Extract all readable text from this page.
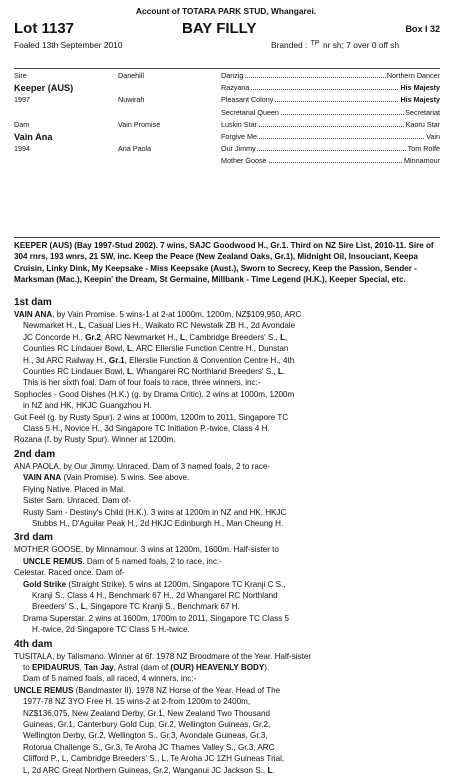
Account of TOTARA PARK STUD, Whangarei.
Lot 1137	BAY FILLY	Box I 32
Foaled 13th September 2010	Branded : TP nr sh; 7 over 0 off sh
Sire	Danehill	Danzig	Northern Dancer
Keeper (AUS)	Razyana	His Majesty
1997	Nuwirah	Pleasant Colony	His Majesty
Secretarial Queen	Secretariat
Dam	Vain Promise	Luskin Star	Kaoru Star
Vain Ana	Forgive Me	Vain
1994	Ana Paola	Our Jimmy	Tom Rolfe
Mother Goose	Minnamour
KEEPER (AUS) (Bay 1997-Stud 2002). 7 wins, SAJC Goodwood H., Gr.1. Third on NZ Sire List, 2010-11. Sire of 304 rnrs, 193 wnrs, 21 SW, inc. Keep the Peace (New Zealand Oaks, Gr.1), Midnight Oil, Insouciant, Keepa Cruisin, Linky Dink, My Keepsake - Miss Keepsake (Aust.), Sworn to Secrecy, Keep the Passion, Sender - Marksman (Mac.), Keepin' the Dream, St Germaine, Millbank - Time Legend (H.K.), Keeper Special, etc.
1st dam
VAIN ANA, by Vain Promise. 5 wins-1 at 2-at 1000m, 1200m, NZ$109,950, ARC
Newmarket H., L, Casual Lies H., Waikato RC Newstalk ZB H., 2d Avondale
JC Concorde H., Gr.2, ARC Newmarket H., L, Cambridge Breeders' S., L,
Counties RC Lindauer Bowl, L, ARC Ellerslie Function Centre H., Dunstan
H., 3d ARC Railway H., Gr.1, Ellerslie Function & Convention Centre H., 4th
Counties RC Lindauer Bowl, L, Whangarei RC Northland Breeders' S., L.
This is her sixth foal. Dam of four foals to race, three winners, inc:-
Sophocles - Good Dishes (H.K.) (g. by Drama Critic). 2 wins at 1000m, 1200m
in NZ and HK, HKJC Guangzhou H.
Gut Feel (g. by Rusty Spur). 2 wins at 1000m, 1200m to 2011, Singapore TC
Class 5 H., Novice H., 3d Singapore TC Initiation P.-twice, Class 4 H.
Rozana (f. by Rusty Spur). Winner at 1200m.
2nd dam
ANA PAOLA, by Our Jimmy. Unraced. Dam of 3 named foals, 2 to race-
VAIN ANA (Vain Promise). 5 wins. See above.
Flying Native. Placed in Mal.
Sister Sam. Unraced. Dam of-
Rusty Sam - Destiny's Child (H.K.). 3 wins at 1200m in NZ and HK, HKJC
Stubbs H., D'Aguilar Peak H., 2d HKJC Edinburgh H., Man Cheung H.
3rd dam
MOTHER GOOSE, by Minnamour. 3 wins at 1200m, 1600m. Half-sister to
UNCLE REMUS. Dam of 5 named foals, 2 to race, inc:-
Celestar. Raced once. Dam of-
Gold Strike (Straight Strike). 5 wins at 1200m, Singapore TC Kranji C S.,
Kranji S., Class 4 H., Benchmark 67 H., 2d Whangarei RC Northland
Breeders' S., L, Singapore TC Kranji S., Benchmark 67 H.
Drama Superstar. 2 wins at 1600m, 1700m to 2011, Singapore TC Class 5
H.-twice, 2d Singapore TC Class 5 H.-twice.
4th dam
TUSITALA, by Talismano. Winner at 6f. 1978 NZ Broodmare of the Year. Half-sister
to EPIDAURUS, Tan Jay, Astral (dam of (OUR) HEAVENLY BODY).
Dam of 5 named foals, all raced, 4 winners, inc:-
UNCLE REMUS (Bandmaster II). 1978 NZ Horse of the Year. Head of The
1977-78 NZ 3YO Free H. 15 wins-2 at 2-from 1200m to 2400m,
NZ$136,075, New Zealand Derby, Gr.1, New Zealand Two Thousand
Guineas, Gr.1, Canterbury Gold Cup, Gr.2, Wellington Guineas, Gr.2,
Wellington Derby, Gr.2, Wellington S., Gr.3, Avondale Guineas, Gr.3,
Rotorua Challenge S., Gr.3, Te Aroha JC Thames Valley S., Gr.3, ARC
Clifford P., L, Cambridge Breeders' S., L, Te Aroha JC 1ZH Guineas Trial,
L, 2d ARC Great Northern Guineas, Gr.2, Wanganui JC Jackson S., L.
